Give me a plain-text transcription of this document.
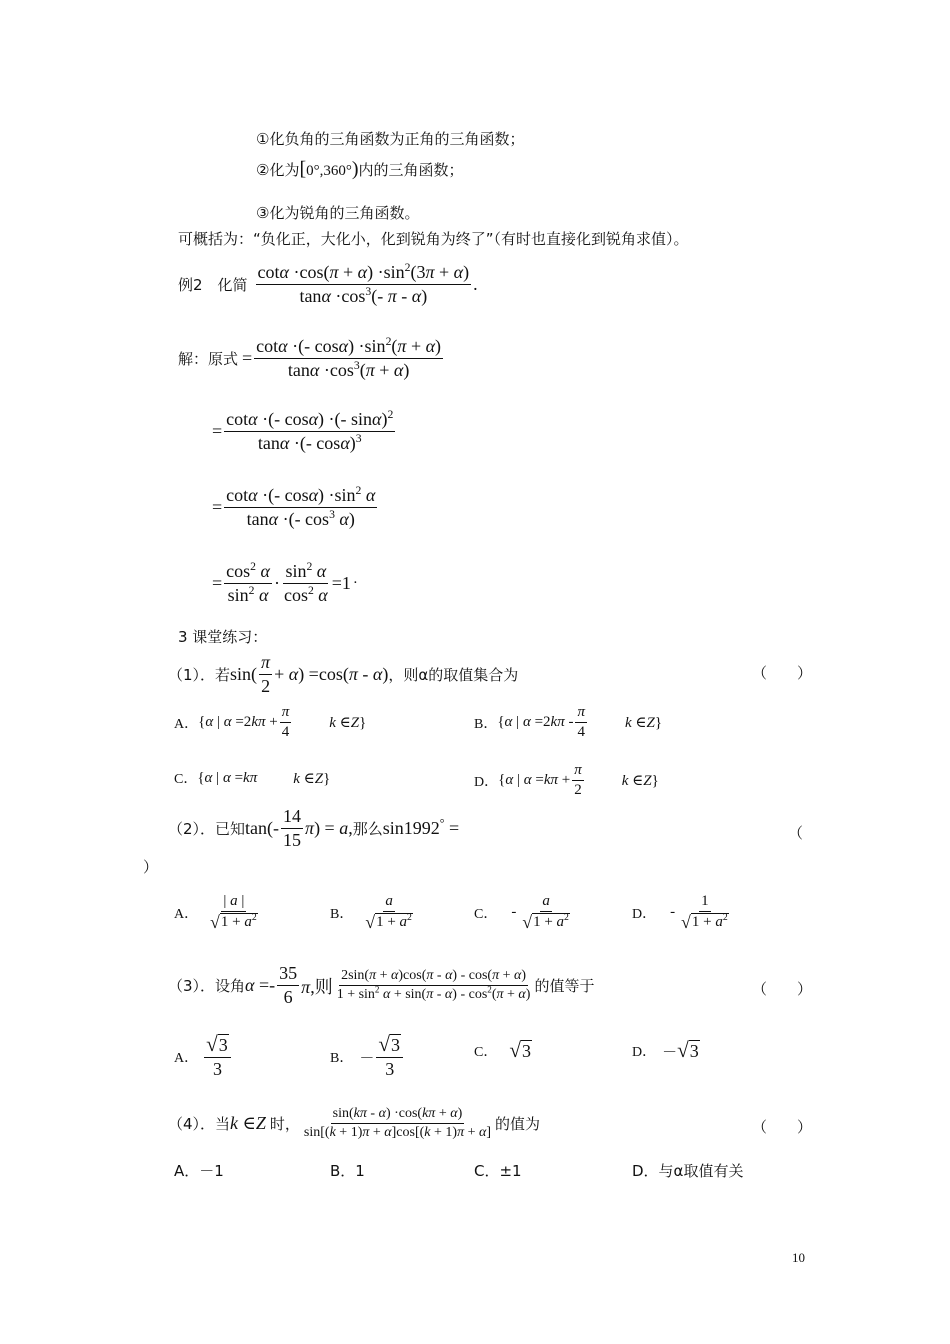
①化负角的三角函数为正角的三角函数；
②化为[0°,360°)内的三角函数；
③化为锐角的三角函数。
可概括为：“负化正，大化小，化到锐角为终了”（有时也直接化到锐角求值）。
例2　化简 $\frac{\cot\alpha \cdot\cos(\pi + \alpha) \cdot\sin^2(3\pi + \alpha)}{\tan\alpha \cdot\cos^3(- \pi - \alpha)}$ .
解：原式 = $\frac{\cot\alpha \cdot(- \cos\alpha) \cdot\sin^2(\pi + \alpha)}{\tan\alpha \cdot\cos^3(\pi + \alpha)}$
= $\frac{\cot\alpha \cdot(- \cos\alpha) \cdot(- \sin\alpha)^2}{\tan\alpha \cdot(- \cos\alpha)^3}$
= $\frac{\cot\alpha \cdot(- \cos\alpha) \cdot\sin^2 \alpha}{\tan\alpha \cdot(- \cos^3 \alpha)}$
= $\frac{\cos^2 \alpha}{\sin^2 \alpha} \cdot \frac{\sin^2 \alpha}{\cos^2 \alpha} =1$ ·
3 课堂练习：
（1）．若 $\sin( \frac{\pi}{2} + \alpha) =\cos(\pi - \alpha)$ ，则α的取值集合为	（　　）
A． {α | $\alpha =2k\pi + \frac{\pi}{4}$	k ∈Z}	B． {α | $\alpha =2k\pi - \frac{\pi}{4}$	k ∈Z}
C． {α | α =kπ k ∈Z}	D． {α | $\alpha =k\pi + \frac{\pi}{2}$	k ∈Z}
（2）．已知 $\tan(- \frac{14}{15} \pi) = a$, 那么 sin1992° =	（
）
A． $\frac{| a |}{√ 1 + a^2}$	B． $\frac{a}{√ 1 + a^2}$	C． - $\frac{a}{√ 1 + a^2}$	D． - $\frac{1}{√ 1 + a^2}$
（3）．设角 $\alpha =- \frac{35}{6} \pi$,则 $\frac{2\sin(\pi + \alpha)\cos(\pi - \alpha) - \cos(\pi + \alpha)}{1 + \sin^2 \alpha + \sin(\pi - \alpha) - \cos^2(\pi + \alpha)}$ 的值等于	（　　）
A． $\frac{√ 3}{3}$	B． － $\frac{√ 3}{3}$	C． √ 3	D． － √ 3
（4）．当 k ∈Z 时， $\frac{\sin(k\pi - \alpha) \cdot\cos(k\pi + \alpha)}{\sin[(k + 1)\pi + \alpha]\cos[(k + 1)\pi + \alpha]}$ 的值为	（　　）
A．－1	B．1	C．±1	D．与α取值有关
10
